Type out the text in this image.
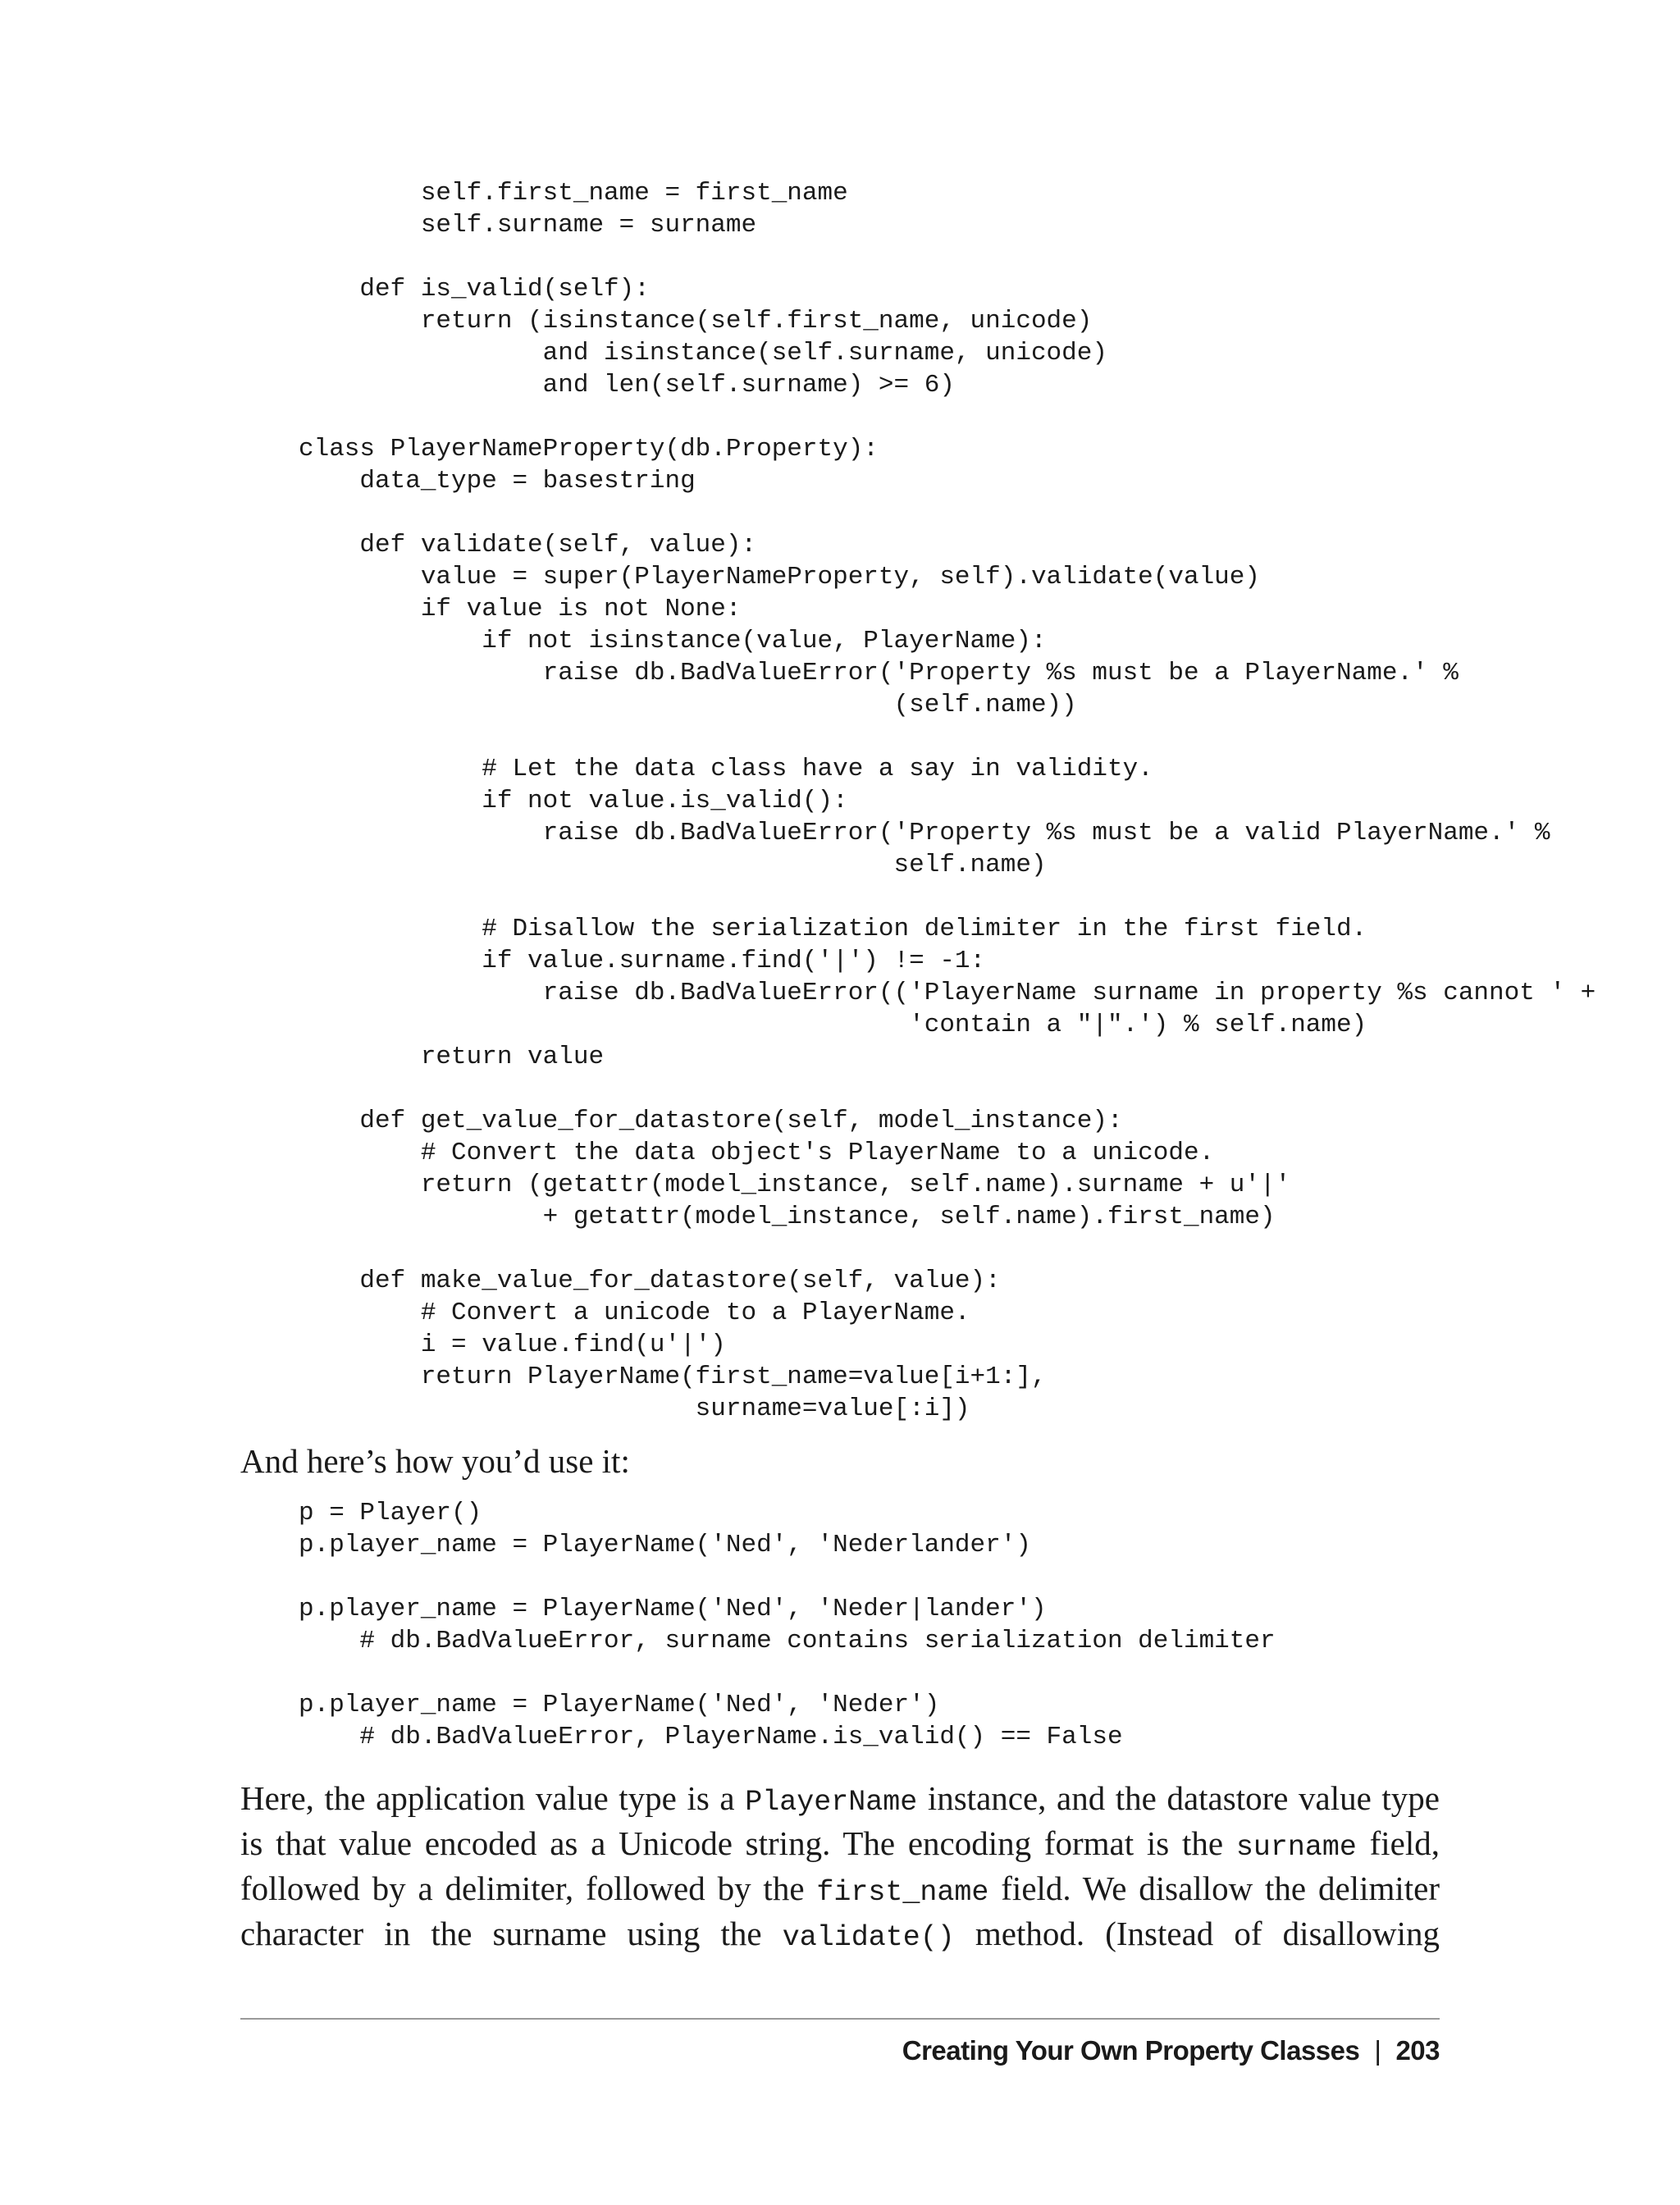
self.first_name = first_name
self.surname = surname

def is_valid(self):
return (isinstance(self.first_name, unicode)
and isinstance(self.surname, unicode)
and len(self.surname) >= 6)

class PlayerNameProperty(db.Property):
data_type = basestring

def validate(self, value):
value = super(PlayerNameProperty, self).validate(value)
if value is not None:
if not isinstance(value, PlayerName):
raise db.BadValueError('Property %s must be a PlayerName.' %
(self.name))

# Let the data class have a say in validity.
if not value.is_valid():
raise db.BadValueError('Property %s must be a valid PlayerName.' %
self.name)

# Disallow the serialization delimiter in the first field.
if value.surname.find('|') != -1:
raise db.BadValueError(('PlayerName surname in property %s cannot ' +
'contain a "|".') % self.name)
return value

def get_value_for_datastore(self, model_instance):
# Convert the data object's PlayerName to a unicode.
return (getattr(model_instance, self.name).surname + u'|'
+ getattr(model_instance, self.name).first_name)

def make_value_for_datastore(self, value):
# Convert a unicode to a PlayerName.
i = value.find(u'|')
return PlayerName(first_name=value[i+1:],
surname=value[:i])

And here’s how you’d use it:

p = Player()
p.player_name = PlayerName('Ned', 'Nederlander')

p.player_name = PlayerName('Ned', 'Neder|lander')
# db.BadValueError, surname contains serialization delimiter

p.player_name = PlayerName('Ned', 'Neder')
# db.BadValueError, PlayerName.is_valid() == False

Here, the application value type is a PlayerName instance, and the datastore value type is that value encoded as a Unicode string. The encoding format is the surname field, followed by a delimiter, followed by the first_name field. We disallow the delimiter character in the surname using the validate() method. (Instead of disallowing

Creating Your Own Property Classes | 203
